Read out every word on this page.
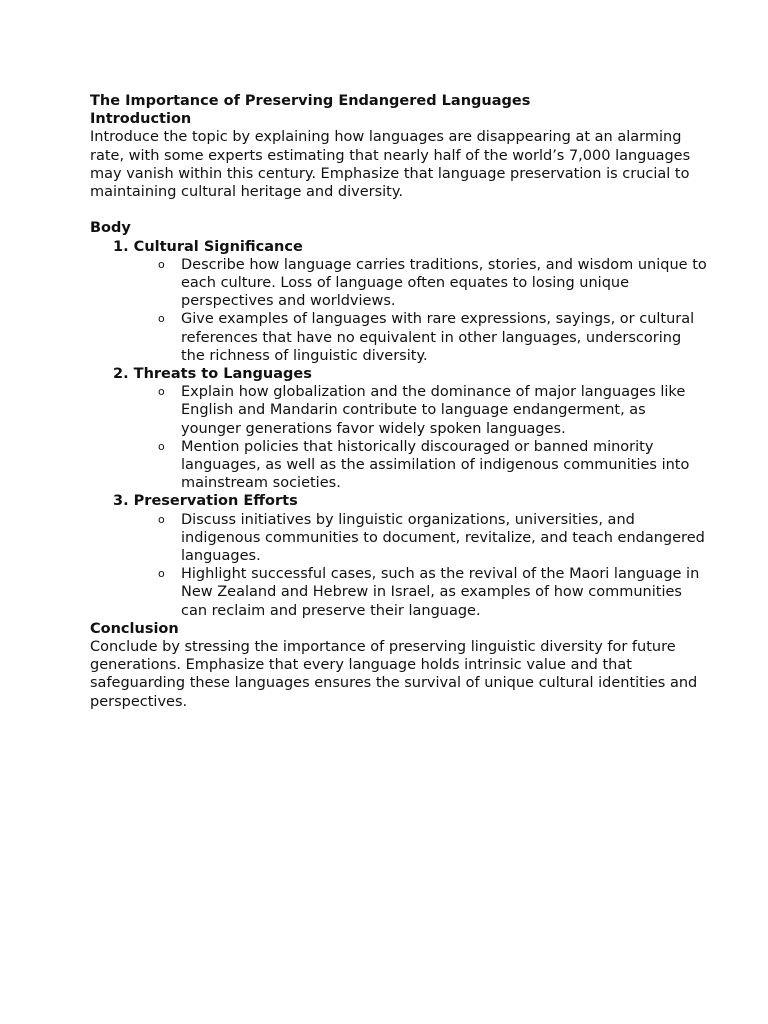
The Importance of Preserving Endangered Languages

Introduction

Introduce the topic by explaining how languages are disappearing at an alarming rate, with some experts estimating that nearly half of the world’s 7,000 languages may vanish within this century. Emphasize that language preservation is crucial to maintaining cultural heritage and diversity.

Body

1. Cultural Significance
o Describe how language carries traditions, stories, and wisdom unique to each culture. Loss of language often equates to losing unique perspectives and worldviews.
o Give examples of languages with rare expressions, sayings, or cultural references that have no equivalent in other languages, underscoring the richness of linguistic diversity.
2. Threats to Languages
o Explain how globalization and the dominance of major languages like English and Mandarin contribute to language endangerment, as younger generations favor widely spoken languages.
o Mention policies that historically discouraged or banned minority languages, as well as the assimilation of indigenous communities into mainstream societies.
3. Preservation Efforts
o Discuss initiatives by linguistic organizations, universities, and indigenous communities to document, revitalize, and teach endangered languages.
o Highlight successful cases, such as the revival of the Maori language in New Zealand and Hebrew in Israel, as examples of how communities can reclaim and preserve their language.

Conclusion

Conclude by stressing the importance of preserving linguistic diversity for future generations. Emphasize that every language holds intrinsic value and that safeguarding these languages ensures the survival of unique cultural identities and perspectives.
